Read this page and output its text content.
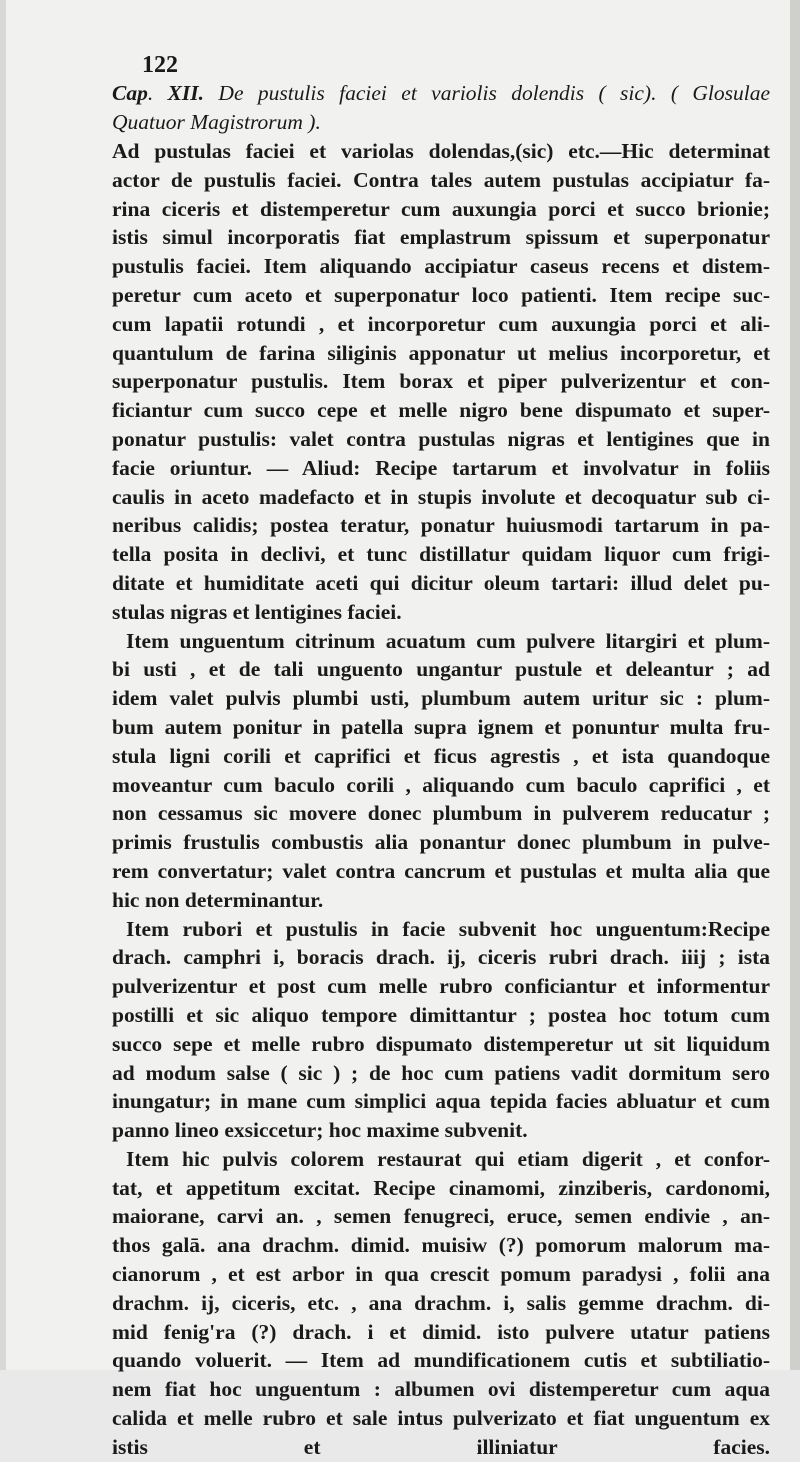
122
Cap. XII. De pustulis faciei et variolis dolendis ( sic). ( Glosulae
Quatuor Magistrorum ).
Ad pustulas faciei et variolas dolendas,(sic) etc.—Hic determinat
actor de pustulis faciei. Contra tales autem pustulas accipiatur fa-
rina ciceris et distemperetur cum auxungia porci et succo brionie;
istis simul incorporatis fiat emplastrum spissum et superponatur
pustulis faciei. Item aliquando accipiatur caseus recens et distem-
peretur cum aceto et superponatur loco patienti. Item recipe suc-
cum lapatii rotundi , et incorporetur cum auxungia porci et ali-
quantulum de farina siliginis apponatur ut melius incorporetur, et
superponatur pustulis. Item borax et piper pulverizentur et con-
ficiantur cum succo cepe et melle nigro bene dispumato et super-
ponatur pustulis: valet contra pustulas nigras et lentigines que in
facie oriuntur. — Aliud: Recipe tartarum et involvatur in foliis
caulis in aceto madefacto et in stupis involute et decoquatur sub ci-
neribus calidis; postea teratur, ponatur huiusmodi tartarum in pa-
tella posita in declivi, et tunc distillatur quidam liquor cum frigi-
ditate et humiditate aceti qui dicitur oleum tartari: illud delet pu-
stulas nigras et lentigines faciei.
Item unguentum citrinum acuatum cum pulvere litargiri et plum-
bi usti , et de tali unguento ungantur pustule et deleantur ; ad
idem valet pulvis plumbi usti, plumbum autem uritur sic : plum-
bum autem ponitur in patella supra ignem et ponuntur multa fru-
stula ligni corili et caprifici et ficus agrestis , et ista quandoque
moveantur cum baculo corili , aliquando cum baculo caprifici , et
non cessamus sic movere donec plumbum in pulverem reducatur ;
primis frustulis combustis alia ponantur donec plumbum in pulve-
rem convertatur; valet contra cancrum et pustulas et multa alia que
hic non determinantur.
Item rubori et pustulis in facie subvenit hoc unguentum:Recipe
drach. camphri i, boracis drach. ij, ciceris rubri drach. iiij ; ista
pulverizentur et post cum melle rubro conficiantur et informentur
postilli et sic aliquo tempore dimittantur ; postea hoc totum cum
succo sepe et melle rubro dispumato distemperetur ut sit liquidum
ad modum salse ( sic ) ; de hoc cum patiens vadit dormitum sero
inungatur; in mane cum simplici aqua tepida facies abluatur et cum
panno lineo exsiccetur; hoc maxime subvenit.
Item hic pulvis colorem restaurat qui etiam digerit , et confor-
tat, et appetitum excitat. Recipe cinamomi, zinziberis, cardonomi,
maiorane, carvi an. , semen fenugreci, eruce, semen endivie , an-
thos galā. ana drachm. dimid. muisiw (?) pomorum malorum ma-
cianorum , et est arbor in qua crescit pomum paradysi , folii ana
drachm. ij, ciceris, etc. , ana drachm. i, salis gemme drachm. di-
mid fenig'ra (?) drach. i et dimid. isto pulvere utatur patiens
quando voluerit. — Item ad mundificationem cutis et subtiliatio-
nem fiat hoc unguentum : albumen ovi distemperetur cum aqua
calida et melle rubro et sale intus pulverizato et fiat unguentum ex
istis et illiniatur facies.
